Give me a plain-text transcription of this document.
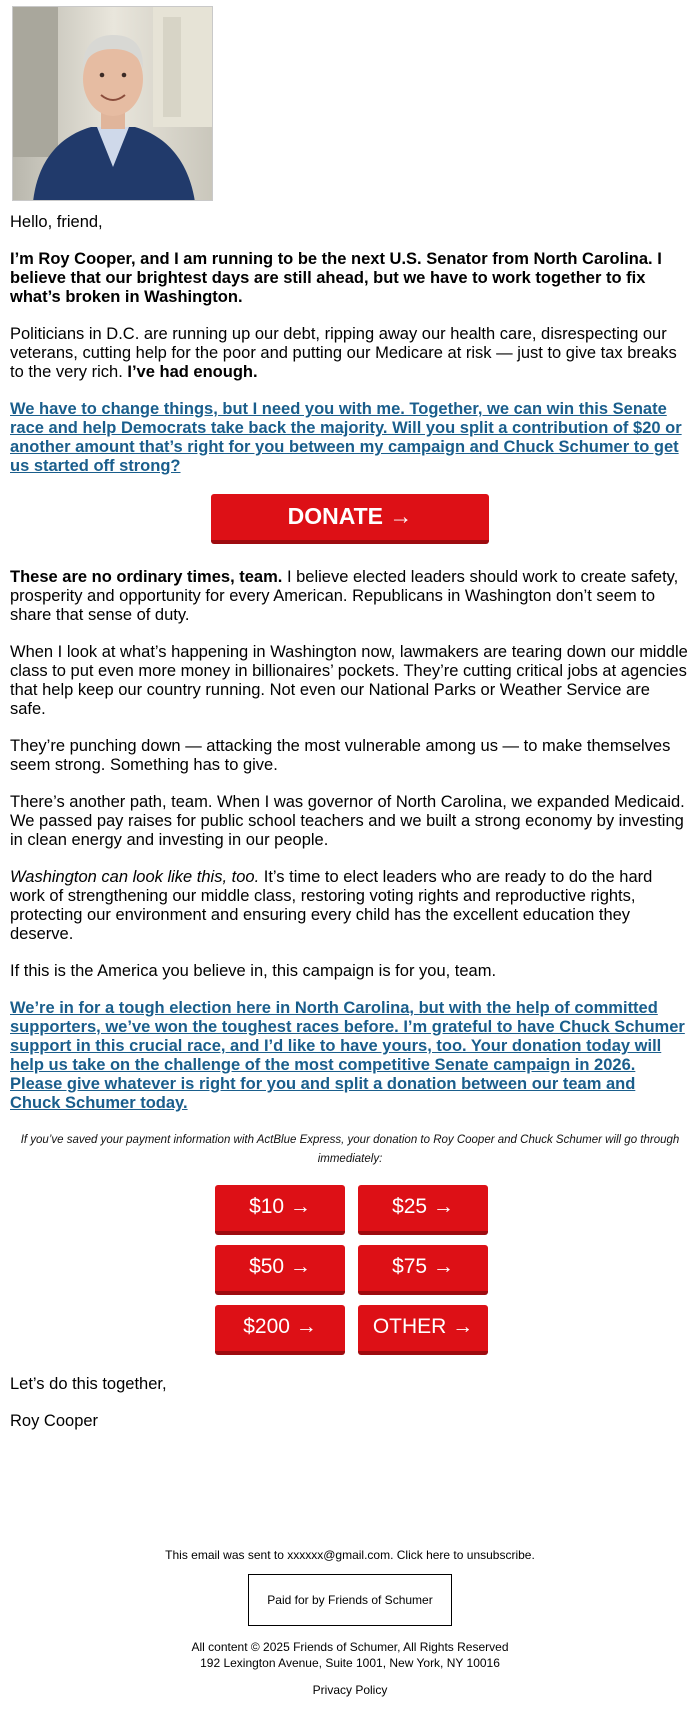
Hello, friend,

I’m Roy Cooper, and I am running to be the next U.S. Senator from North Carolina. I believe that our brightest days are still ahead, but we have to work together to fix what’s broken in Washington.

Politicians in D.C. are running up our debt, ripping away our health care, disrespecting our veterans, cutting help for the poor and putting our Medicare at risk — just to give tax breaks to the very rich. I’ve had enough.

We have to change things, but I need you with me. Together, we can win this Senate race and help Democrats take back the majority. Will you split a contribution of $20 or another amount that’s right for you between my campaign and Chuck Schumer to get us started off strong?

DONATE →

These are no ordinary times, team. I believe elected leaders should work to create safety, prosperity and opportunity for every American. Republicans in Washington don’t seem to share that sense of duty.

When I look at what’s happening in Washington now, lawmakers are tearing down our middle class to put even more money in billionaires’ pockets. They’re cutting critical jobs at agencies that help keep our country running. Not even our National Parks or Weather Service are safe.

They’re punching down — attacking the most vulnerable among us — to make themselves seem strong. Something has to give.

There’s another path, team. When I was governor of North Carolina, we expanded Medicaid. We passed pay raises for public school teachers and we built a strong economy by investing in clean energy and investing in our people.

Washington can look like this, too. It’s time to elect leaders who are ready to do the hard work of strengthening our middle class, restoring voting rights and reproductive rights, protecting our environment and ensuring every child has the excellent education they deserve.

If this is the America you believe in, this campaign is for you, team.

We’re in for a tough election here in North Carolina, but with the help of committed supporters, we’ve won the toughest races before. I’m grateful to have Chuck Schumer support in this crucial race, and I’d like to have yours, too. Your donation today will help us take on the challenge of the most competitive Senate campaign in 2026. Please give whatever is right for you and split a donation between our team and Chuck Schumer today.

If you’ve saved your payment information with ActBlue Express, your donation to Roy Cooper and Chuck Schumer will go through immediately:
$10 →	$25 →
$50 →	$75 →
$200 →	OTHER →

Let’s do this together,

Roy Cooper

This email was sent to xxxxxx@gmail.com. Click here to unsubscribe.
Paid for by Friends of Schumer
All content © 2025 Friends of Schumer, All Rights Reserved
192 Lexington Avenue, Suite 1001, New York, NY 10016
Privacy Policy
